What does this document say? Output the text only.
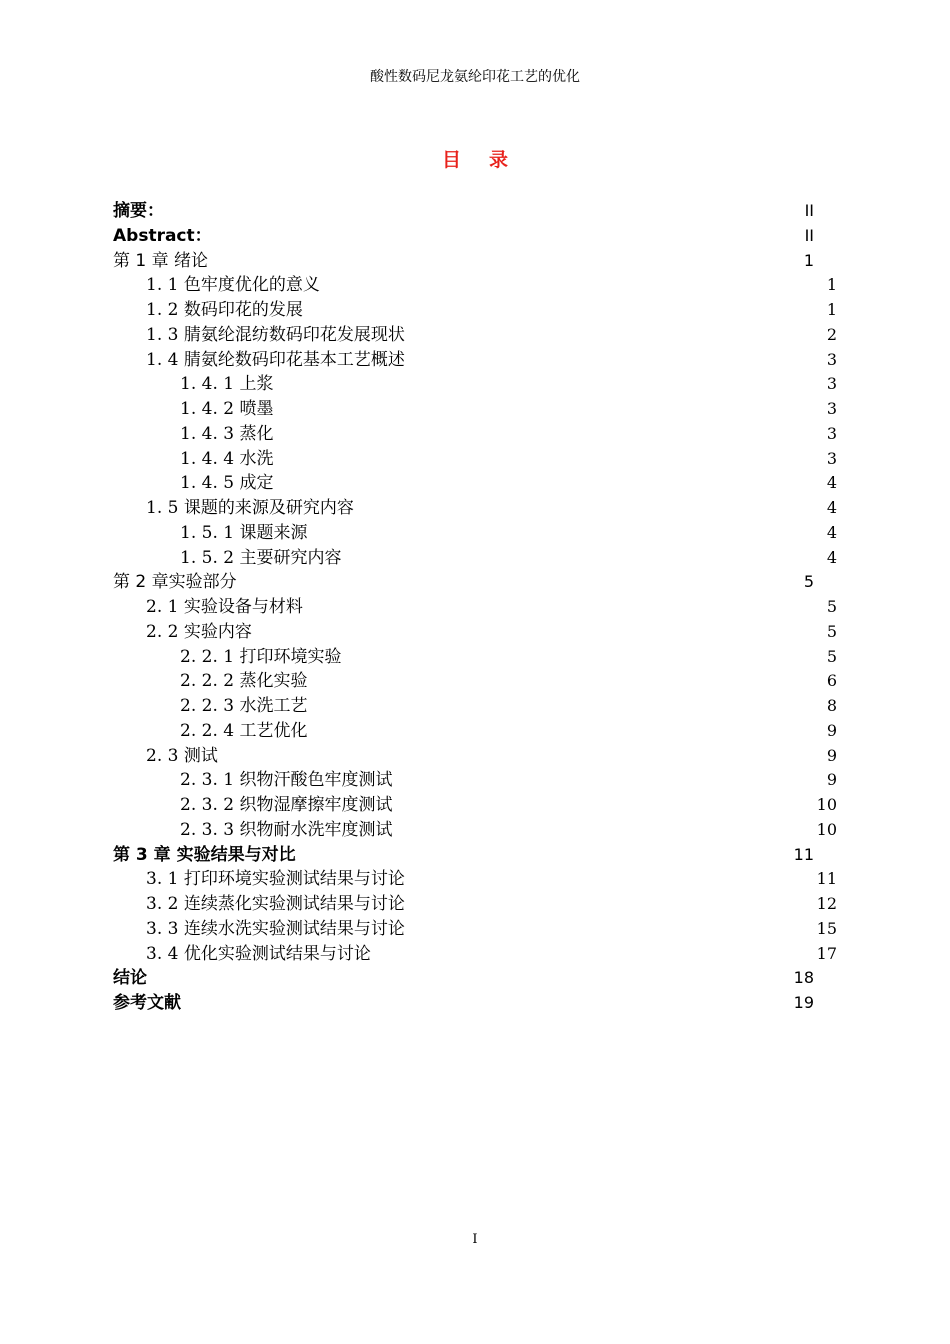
酸性数码尼龙氨纶印花工艺的优化
目录
摘要：	II
Abstract：	II
第 1 章 绪论	1
1. 1 色牢度优化的意义	1
1. 2 数码印花的发展	1
1. 3 腈氨纶混纺数码印花发展现状	2
1. 4 腈氨纶数码印花基本工艺概述	3
1. 4. 1 上浆	3
1. 4. 2 喷墨	3
1. 4. 3 蒸化	3
1. 4. 4 水洗	3
1. 4. 5 成定	4
1. 5 课题的来源及研究内容	4
1. 5. 1 课题来源	4
1. 5. 2 主要研究内容	4
第 2 章实验部分	5
2. 1 实验设备与材料	5
2. 2 实验内容	5
2. 2. 1 打印环境实验	5
2. 2. 2 蒸化实验	6
2. 2. 3 水洗工艺	8
2. 2. 4 工艺优化	9
2. 3 测试	9
2. 3. 1 织物汗酸色牢度测试	9
2. 3. 2 织物湿摩擦牢度测试	10
2. 3. 3 织物耐水洗牢度测试	10
第 3 章 实验结果与对比	11
3. 1 打印环境实验测试结果与讨论	11
3. 2 连续蒸化实验测试结果与讨论	12
3. 3 连续水洗实验测试结果与讨论	15
3. 4 优化实验测试结果与讨论	17
结论	18
参考文献	19
I
